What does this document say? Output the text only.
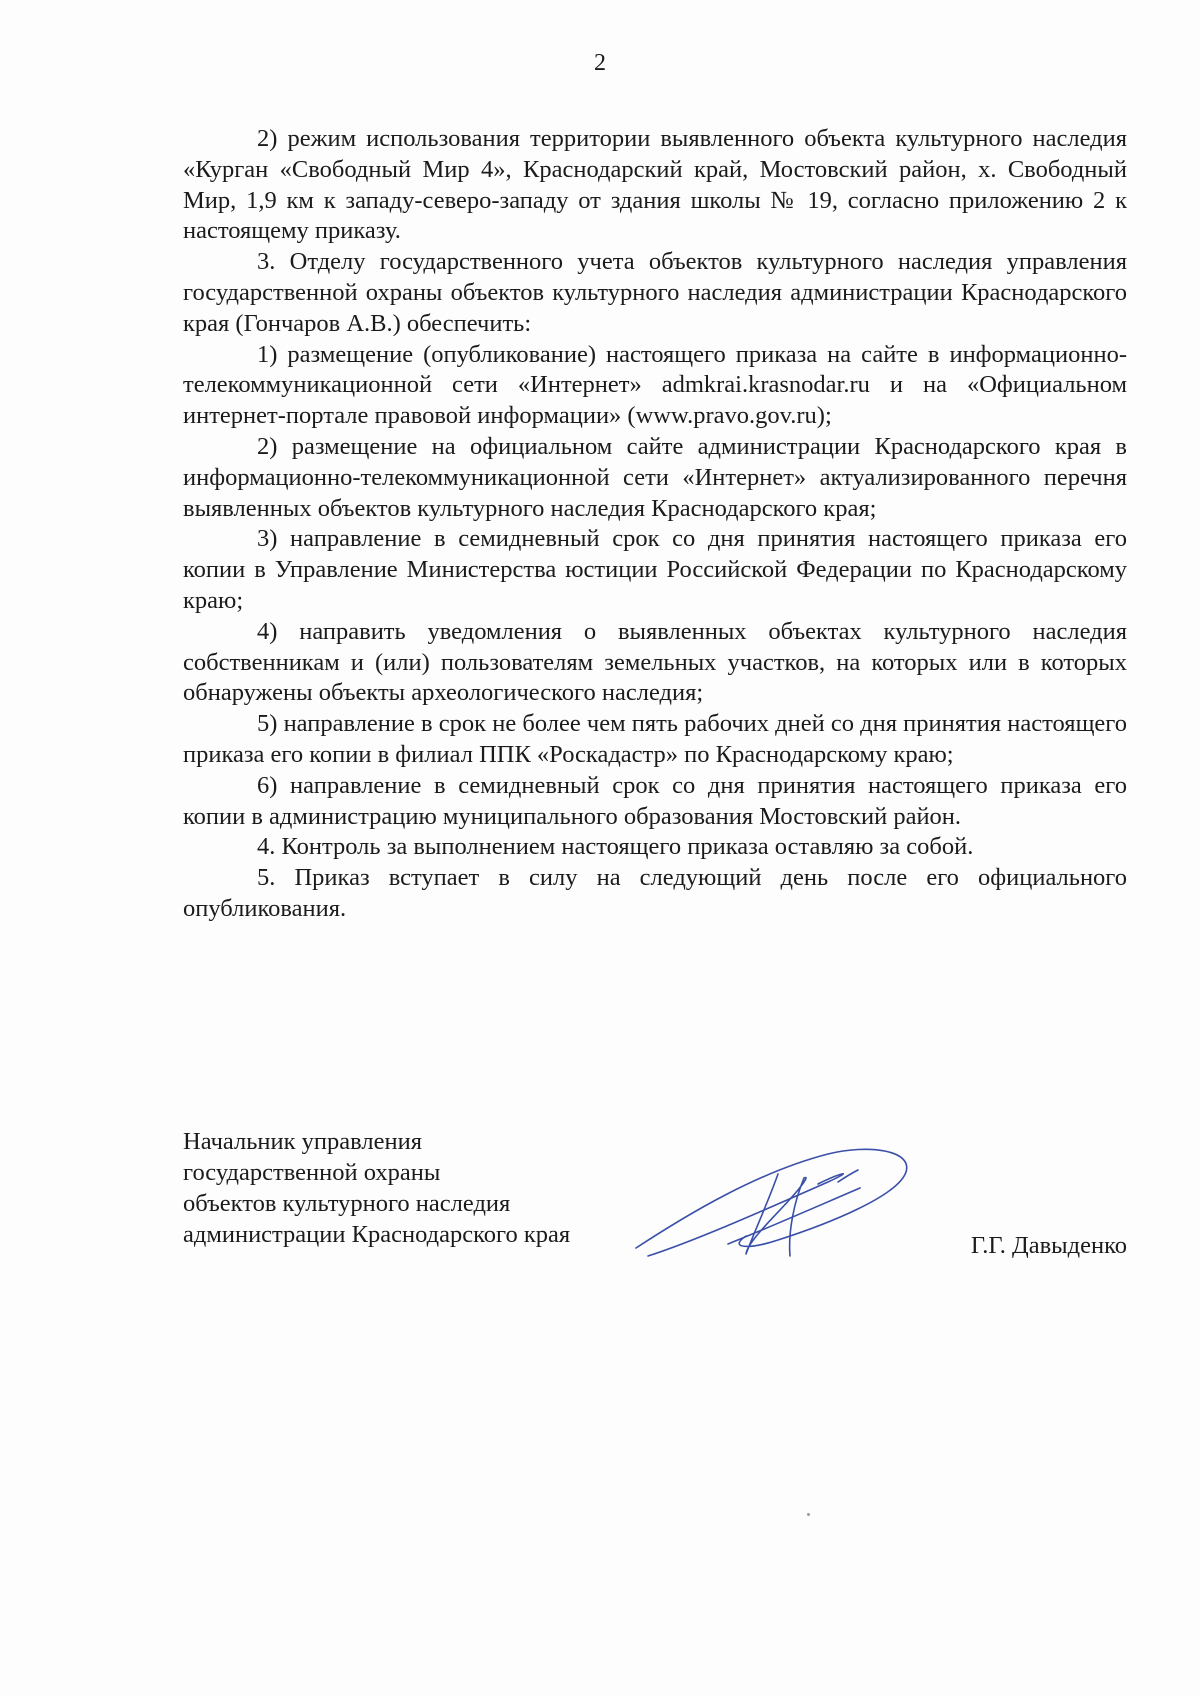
2

2) режим использования территории выявленного объекта культурного наследия «Курган «Свободный Мир 4», Краснодарский край, Мостовский район, х. Свободный Мир, 1,9 км к западу-северо-западу от здания школы № 19, согласно приложению 2 к настоящему приказу.

3. Отделу государственного учета объектов культурного наследия управления государственной охраны объектов культурного наследия администрации Краснодарского края (Гончаров А.В.) обеспечить:

1) размещение (опубликование) настоящего приказа на сайте в информационно-телекоммуникационной сети «Интернет» admkrai.krasnodar.ru и на «Официальном интернет-портале правовой информации» (www.pravo.gov.ru);

2) размещение на официальном сайте администрации Краснодарского края в информационно-телекоммуникационной сети «Интернет» актуализированного перечня выявленных объектов культурного наследия Краснодарского края;

3) направление в семидневный срок со дня принятия настоящего приказа его копии в Управление Министерства юстиции Российской Федерации по Краснодарскому краю;

4) направить уведомления о выявленных объектах культурного наследия собственникам и (или) пользователям земельных участков, на которых или в которых обнаружены объекты археологического наследия;

5) направление в срок не более чем пять рабочих дней со дня принятия настоящего приказа его копии в филиал ППК «Роскадастр» по Краснодарскому краю;

6) направление в семидневный срок со дня принятия настоящего приказа его копии в администрацию муниципального образования Мостовский район.

4. Контроль за выполнением настоящего приказа оставляю за собой.

5. Приказ вступает в силу на следующий день после его официального опубликования.

Начальник управления
государственной охраны
объектов культурного наследия
администрации Краснодарского края	Г.Г. Давыденко
